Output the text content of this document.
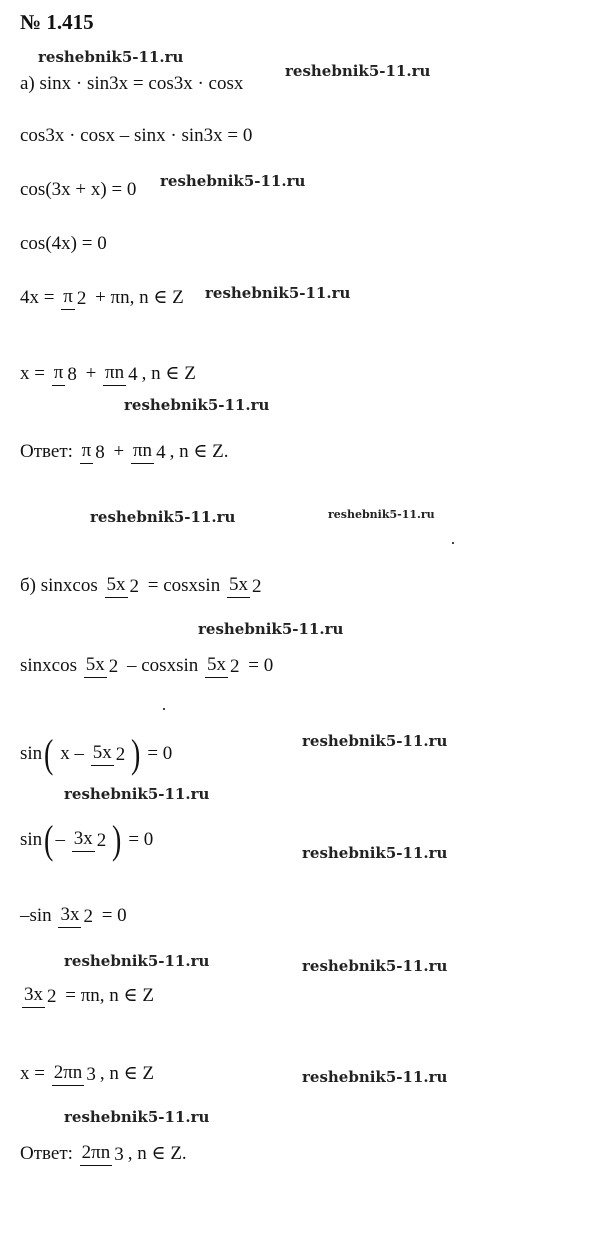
№ 1.415
а) sinx · sin3x = cos3x · cosx
cos3x · cosx – sinx · sin3x = 0
cos(3x + x) = 0
cos(4x) = 0
4x = π 2 + πn, n ∈ Z
x = π 8 + πn 4 , n ∈ Z
Ответ: π 8 + πn 4 , n ∈ Z.
б) sinxcos 5x 2 = cosxsin 5x 2
sinxcos 5x 2 – cosxsin 5x 2 = 0
sin( x – 5x 2 ) = 0
sin( – 3x 2 ) = 0
–sin 3x 2 = 0
3x 2 = πn, n ∈ Z
x = 2πn 3 , n ∈ Z
Ответ: 2πn 3 , n ∈ Z.
reshebnik5-11.ru
reshebnik5-11.ru
reshebnik5-11.ru
reshebnik5-11.ru
reshebnik5-11.ru
reshebnik5-11.ru	reshebnik5-11.ru
reshebnik5-11.ru
reshebnik5-11.ru
reshebnik5-11.ru
reshebnik5-11.ru
reshebnik5-11.ru	reshebnik5-11.ru
reshebnik5-11.ru
reshebnik5-11.ru
